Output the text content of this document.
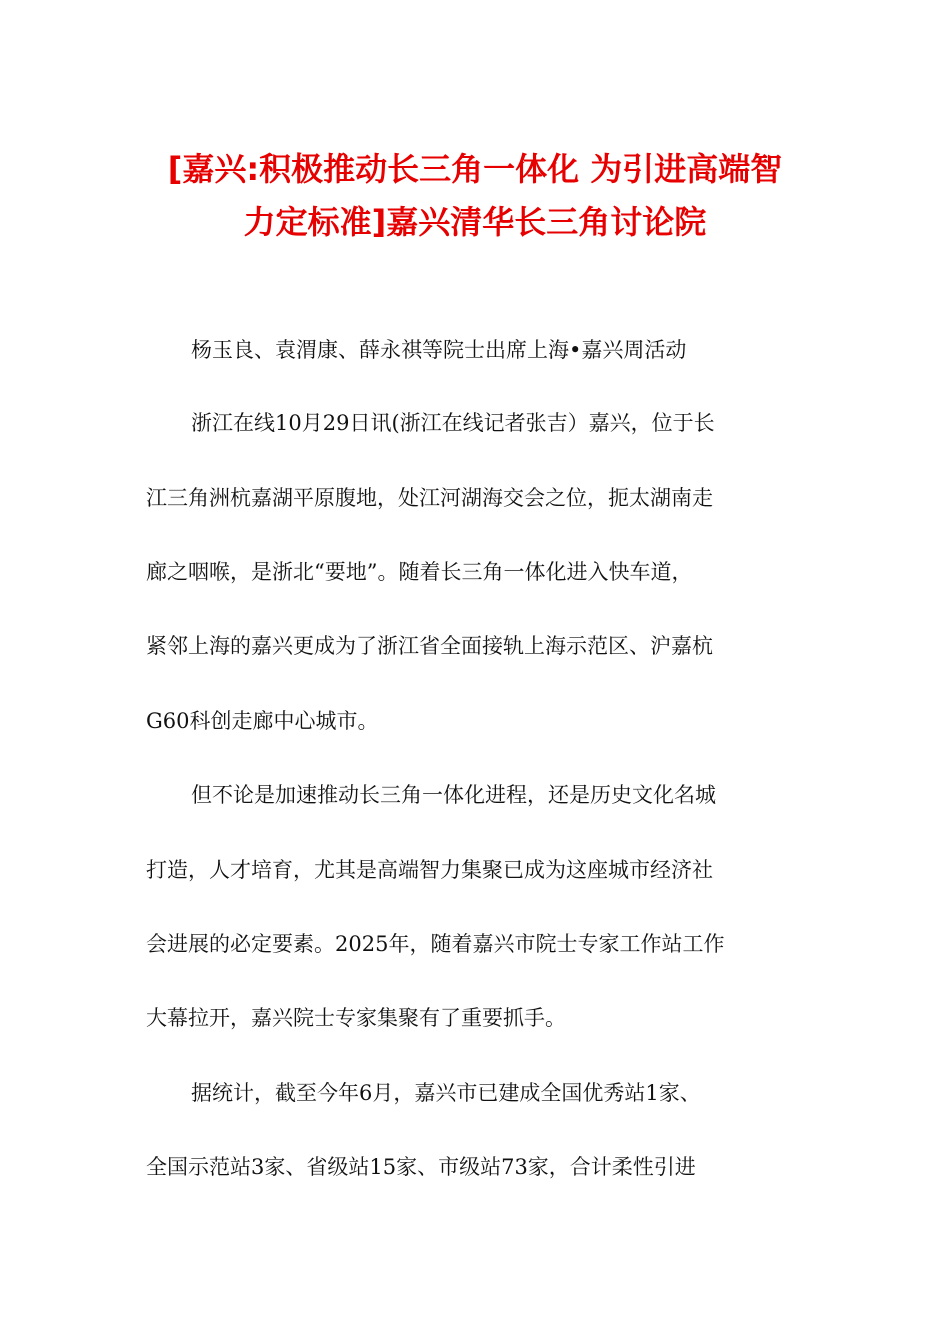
[嘉兴:积极推动长三角一体化 为引进高端智
力定标准]嘉兴清华长三角讨论院
杨玉良、袁渭康、薛永祺等院士出席上海•嘉兴周活动
浙江在线10月29日讯(浙江在线记者张吉）嘉兴，位于长
江三角洲杭嘉湖平原腹地，处江河湖海交会之位，扼太湖南走
廊之咽喉，是浙北“要地”。随着长三角一体化进入快车道，
紧邻上海的嘉兴更成为了浙江省全面接轨上海示范区、沪嘉杭
G60科创走廊中心城市。
但不论是加速推动长三角一体化进程，还是历史文化名城
打造，人才培育，尤其是高端智力集聚已成为这座城市经济社
会进展的必定要素。2025年，随着嘉兴市院士专家工作站工作
大幕拉开，嘉兴院士专家集聚有了重要抓手。
据统计，截至今年6月，嘉兴市已建成全国优秀站1家、
全国示范站3家、省级站15家、市级站73家，合计柔性引进
